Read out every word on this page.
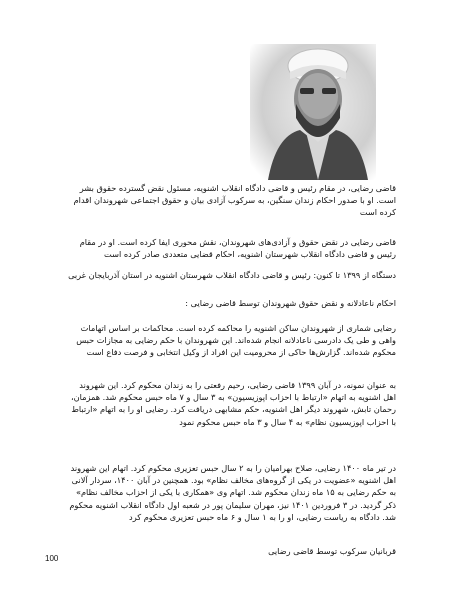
قاضی رضایی، در مقام رئیس و قاضی دادگاه انقلاب اشنویه، مسئول نقض گسترده حقوق بشر است. او با صدور احکام زندان سنگین، به سرکوب آزادی بیان و حقوق اجتماعی شهروندان اقدام کرده است

قاضی رضایی در نقض حقوق و آزادی‌های شهروندان، نقش محوری ایفا کرده است. او در مقام رئیس و قاضی دادگاه انقلاب شهرستان اشنویه، احکام قضایی متعددی صادر کرده است

دستگاه از ۱۳۹۹ تا کنون: رئیس و قاضی دادگاه انقلاب شهرستان اشنویه در استان آذربایجان غربی

احکام ناعادلانه و نقض حقوق شهروندان توسط قاضی رضایی :

رضایی شماری از شهروندان ساکن اشنویه را محاکمه کرده است. محاکمات بر اساس اتهامات واهی و طی یک دادرسی ناعادلانه انجام شده‌اند. این شهروندان با حکم رضایی به مجازات حبس محکوم شده‌اند. گزارش‌ها حاکی از محرومیت این افراد از وکیل انتخابی و فرصت دفاع است

به عنوان نمونه، در آبان ۱۳۹۹ قاضی رضایی، رحیم رفعتی را به زندان محکوم کرد. این شهروند اهل اشنویه به اتهام «ارتباط با احزاب اپوزیسیون» به ۳ سال و ۷ ماه حبس محکوم شد. همزمان، رحمان تابش، شهروند دیگر اهل اشنویه، حکم مشابهی دریافت کرد. رضایی او را به اتهام «ارتباط با احزاب اپوزیسیون نظام» به ۴ سال و ۳ ماه حبس محکوم نمود

در تیر ماه ۱۴۰۰ رضایی، صلاح بهرامیان را به ۲ سال حبس تعزیری محکوم کرد. اتهام این شهروند اهل اشنویه «عضویت در یکی از گروه‌های مخالف نظام» بود. همچنین در آبان ۱۴۰۰، سردار آلانی به حکم رضایی به ۱۵ ماه زندان محکوم شد. اتهام وی «همکاری با یکی از احزاب مخالف نظام» ذکر گردید. در ۳ فروردین ۱۴۰۱ نیز، مهران سلیمان پور در شعبه اول دادگاه انقلاب اشنویه محکوم شد. دادگاه به ریاست رضایی، او را به ۱ سال و ۶ ماه حبس تعزیری محکوم کرد

قربانیان سرکوب توسط قاضی رضایی

100
